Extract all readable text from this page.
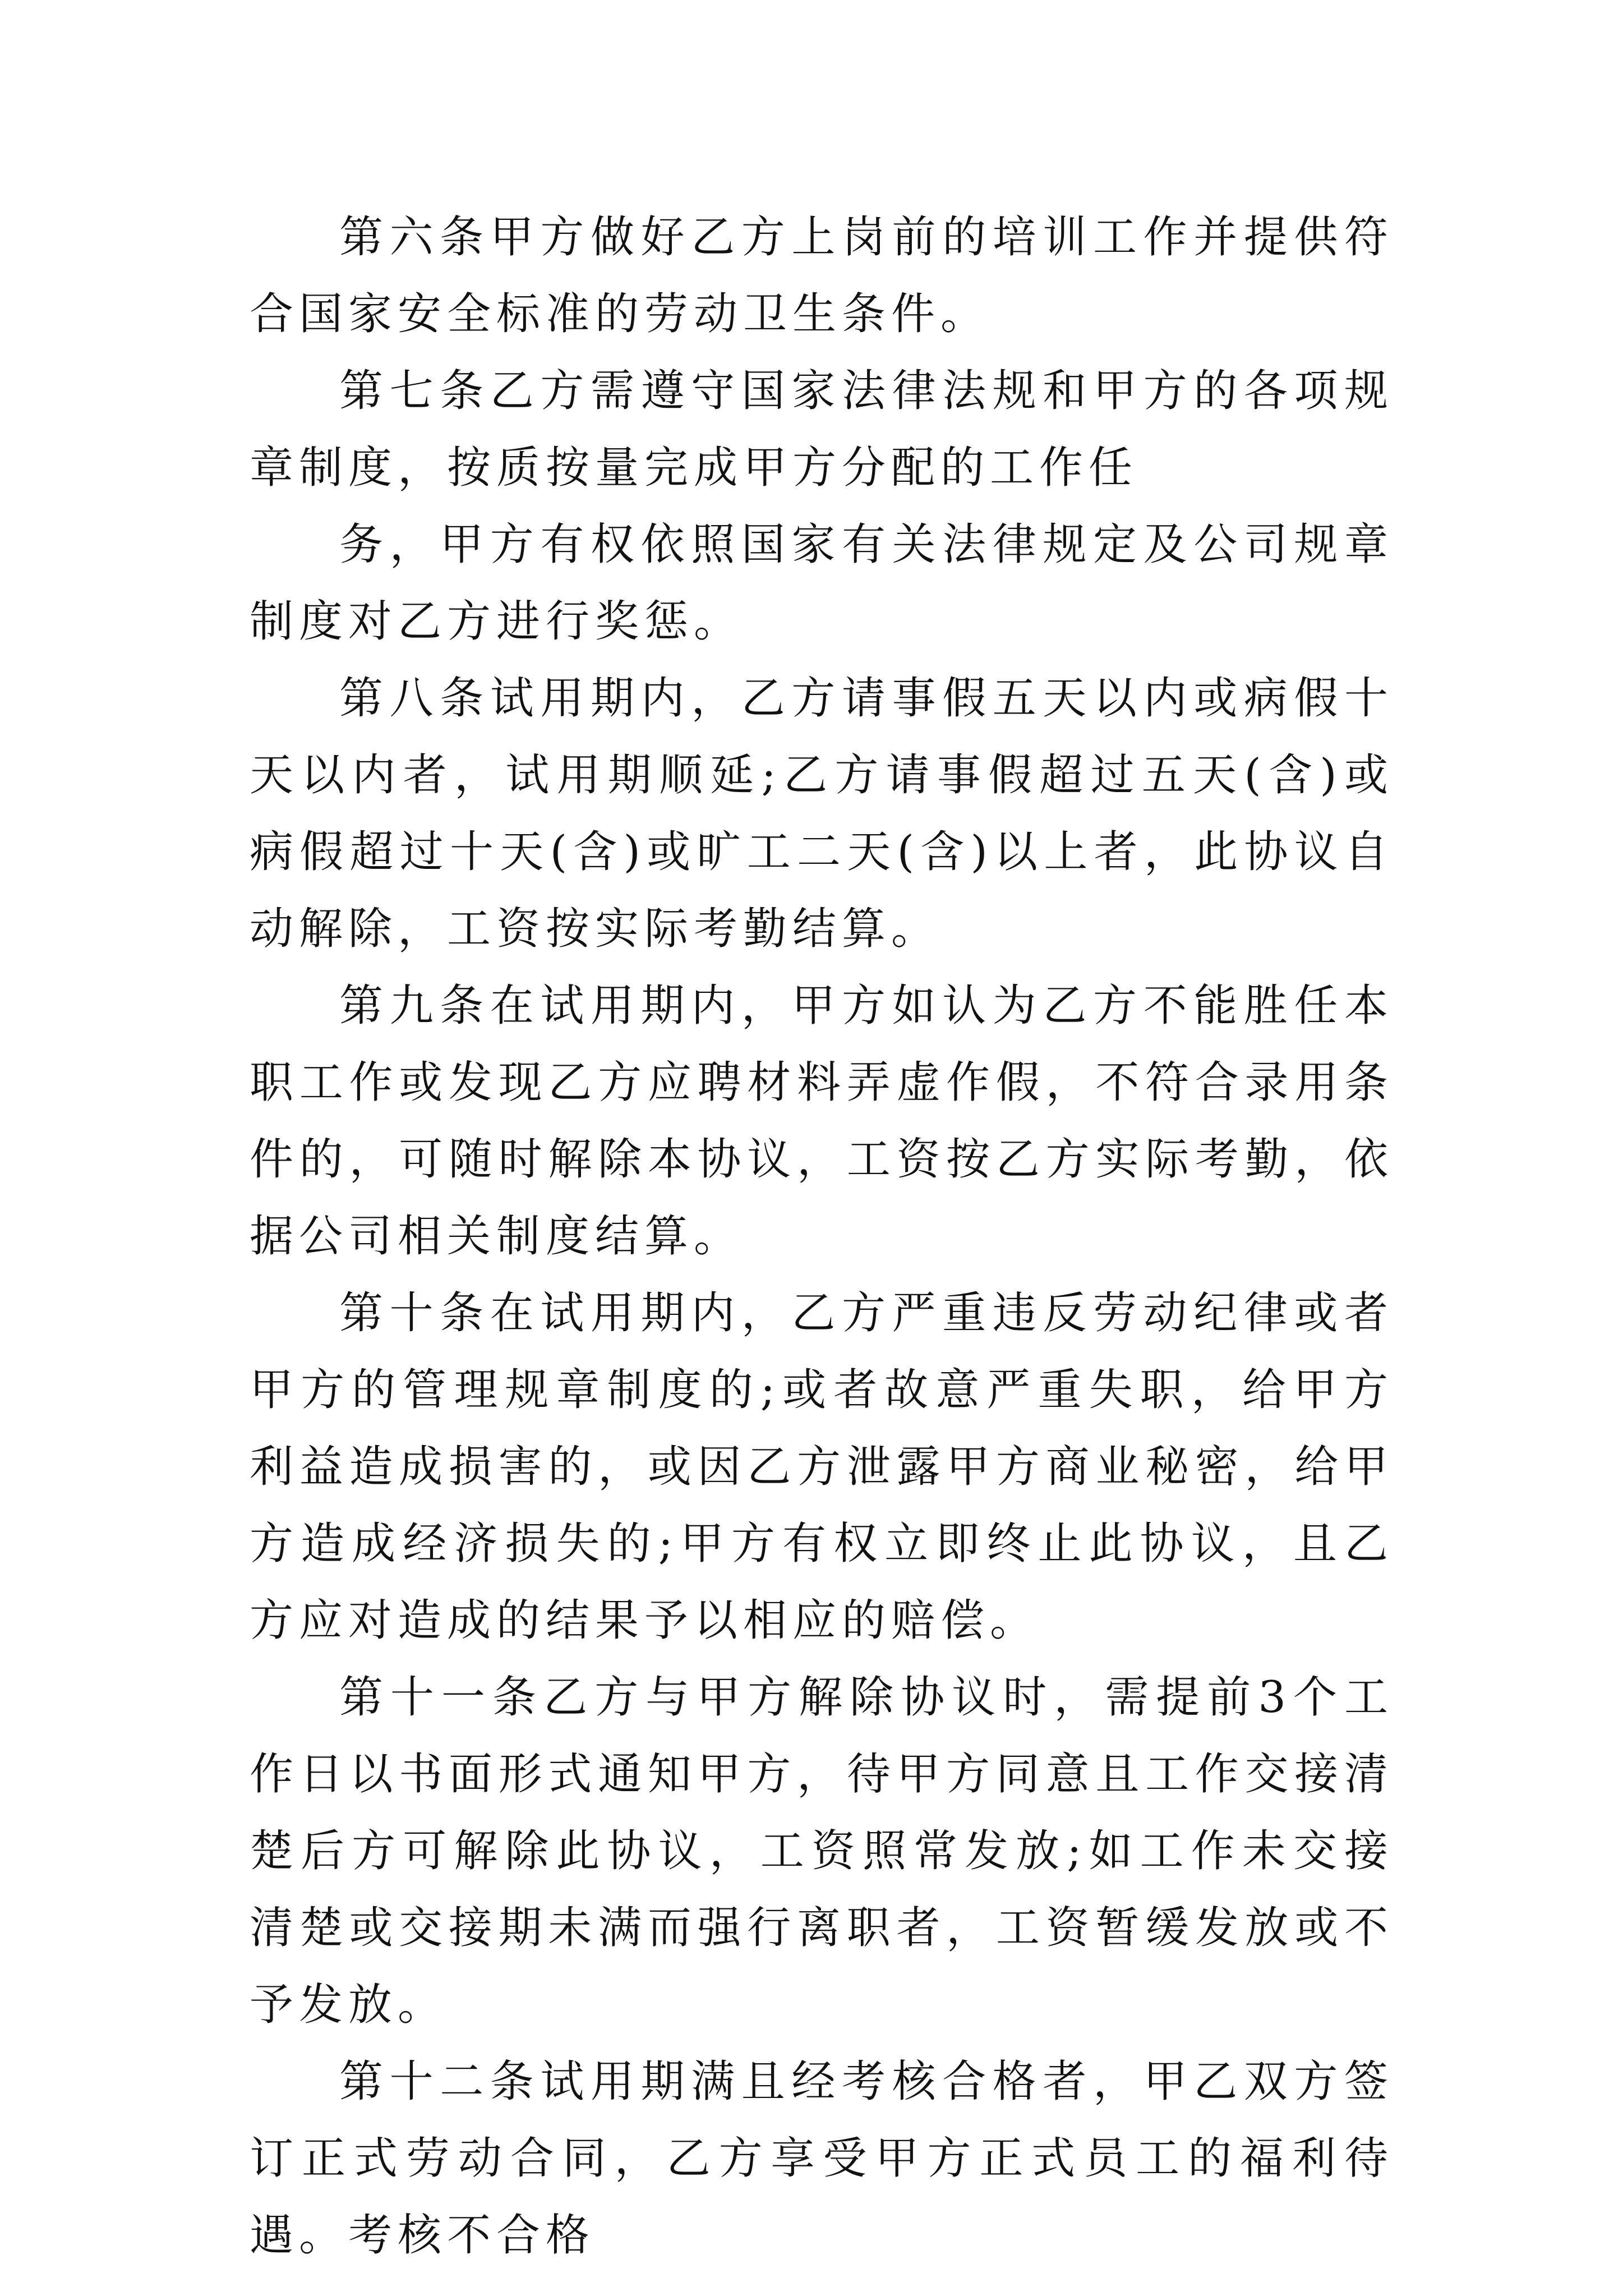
第六条甲方做好乙方上岗前的培训工作并提供符合国家安全标准的劳动卫生条件。

第七条乙方需遵守国家法律法规和甲方的各项规章制度，按质按量完成甲方分配的工作任

务，甲方有权依照国家有关法律规定及公司规章制度对乙方进行奖惩。

第八条试用期内，乙方请事假五天以内或病假十天以内者，试用期顺延;乙方请事假超过五天(含)或病假超过十天(含)或旷工二天(含)以上者，此协议自动解除，工资按实际考勤结算。

第九条在试用期内，甲方如认为乙方不能胜任本职工作或发现乙方应聘材料弄虚作假，不符合录用条件的，可随时解除本协议，工资按乙方实际考勤，依据公司相关制度结算。

第十条在试用期内，乙方严重违反劳动纪律或者甲方的管理规章制度的;或者故意严重失职，给甲方利益造成损害的，或因乙方泄露甲方商业秘密，给甲方造成经济损失的;甲方有权立即终止此协议，且乙方应对造成的结果予以相应的赔偿。

第十一条乙方与甲方解除协议时，需提前3个工作日以书面形式通知甲方，待甲方同意且工作交接清楚后方可解除此协议，工资照常发放;如工作未交接清楚或交接期未满而强行离职者，工资暂缓发放或不予发放。

第十二条试用期满且经考核合格者，甲乙双方签订正式劳动合同，乙方享受甲方正式员工的福利待遇。考核不合格
